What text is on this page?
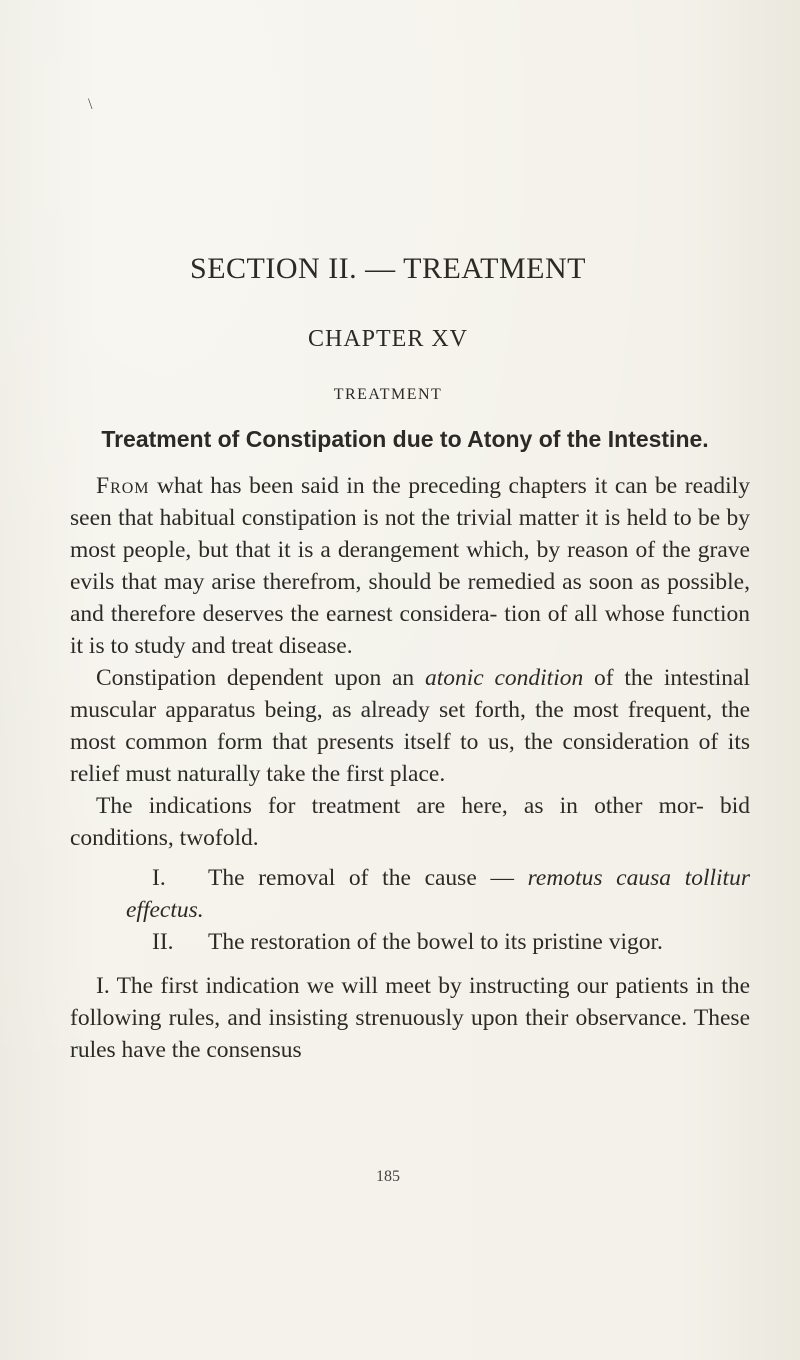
\
SECTION II. — TREATMENT
CHAPTER XV
TREATMENT
Treatment of Constipation due to Atony of the Intestine.

From what has been said in the preceding chapters it can be readily seen that habitual constipation is not the trivial matter it is held to be by most people, but that it is a derangement which, by reason of the grave evils that may arise therefrom, should be remedied as soon as possible, and therefore deserves the earnest considera- tion of all whose function it is to study and treat disease.

Constipation dependent upon an atonic condition of the intestinal muscular apparatus being, as already set forth, the most frequent, the most common form that presents itself to us, the consideration of its relief must naturally take the first place.

The indications for treatment are here, as in other mor- bid conditions, twofold.

I. The removal of the cause — remotus causa tollitur effectus.

II. The restoration of the bowel to its pristine vigor.

I. The first indication we will meet by instructing our patients in the following rules, and insisting strenuously upon their observance. These rules have the consensus

185
